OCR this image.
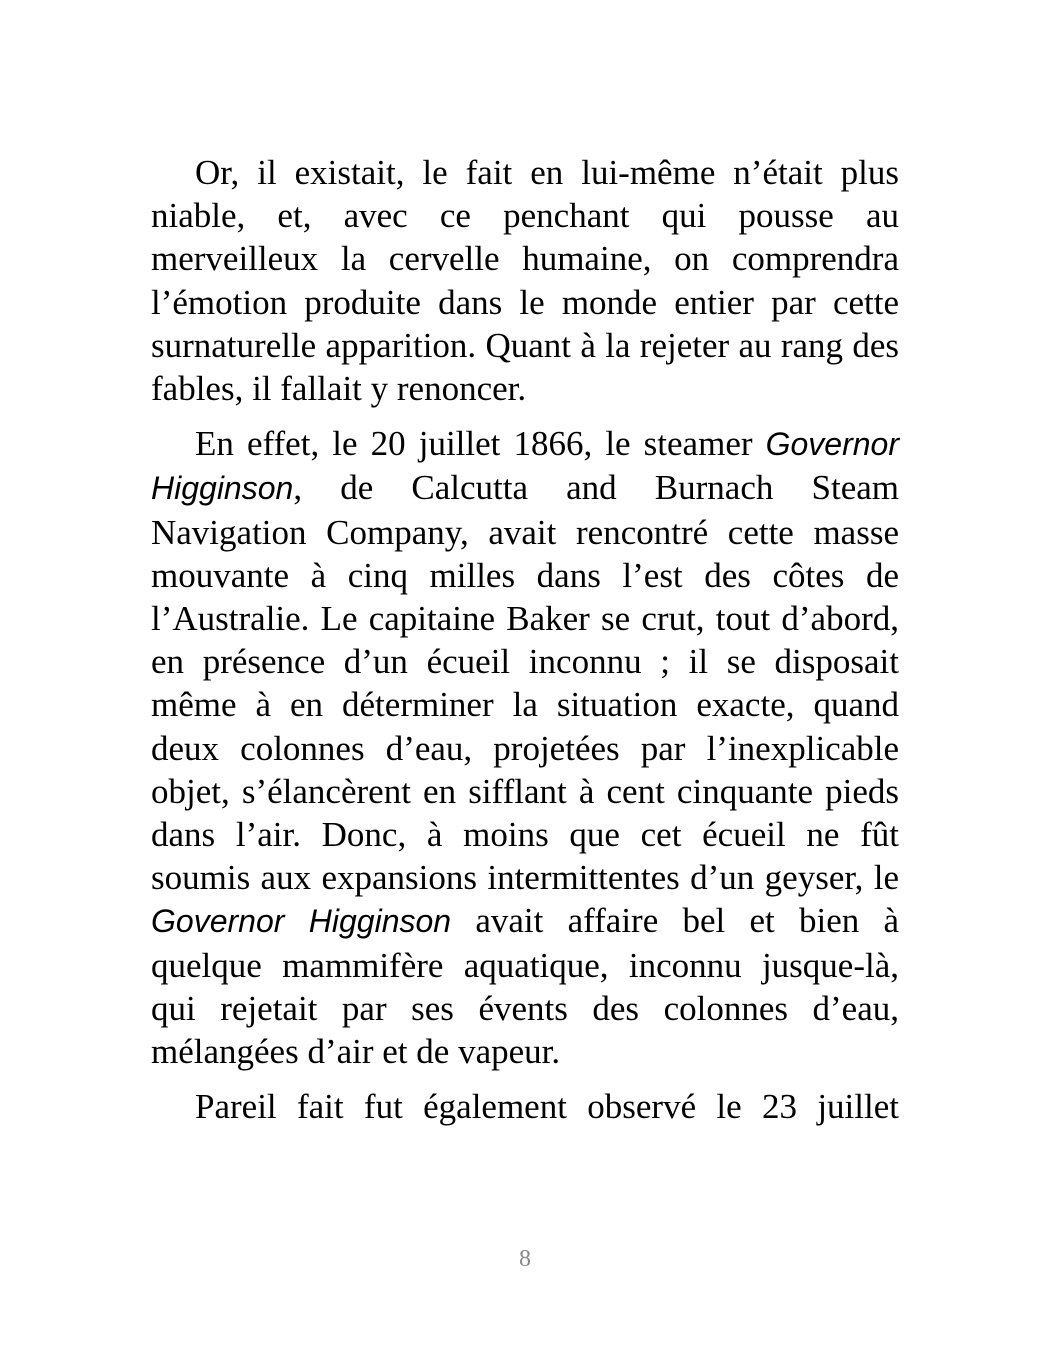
Or, il existait, le fait en lui-même n’était plus niable, et, avec ce penchant qui pousse au merveilleux la cervelle humaine, on comprendra l’émotion produite dans le monde entier par cette surnaturelle apparition. Quant à la rejeter au rang des fables, il fallait y renoncer.

En effet, le 20 juillet 1866, le steamer Governor Higginson, de Calcutta and Burnach Steam Navigation Company, avait rencontré cette masse mouvante à cinq milles dans l’est des côtes de l’Australie. Le capitaine Baker se crut, tout d’abord, en présence d’un écueil inconnu ; il se disposait même à en déterminer la situation exacte, quand deux colonnes d’eau, projetées par l’inexplicable objet, s’élancèrent en sifflant à cent cinquante pieds dans l’air. Donc, à moins que cet écueil ne fût soumis aux expansions intermittentes d’un geyser, le Governor Higginson avait affaire bel et bien à quelque mammifère aquatique, inconnu jusque-là, qui rejetait par ses évents des colonnes d’eau, mélangées d’air et de vapeur.

Pareil fait fut également observé le 23 juillet

8
